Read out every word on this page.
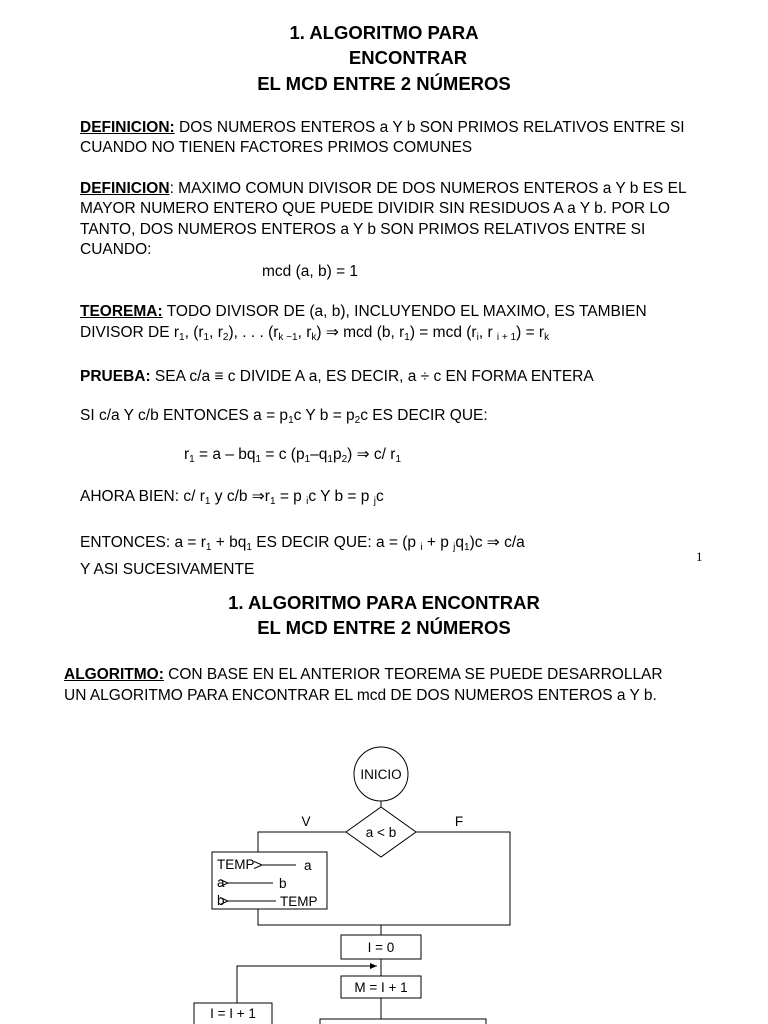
1. ALGORITMO PARA
ENCONTRAR
EL MCD ENTRE 2 NÚMEROS
DEFINICION: DOS NUMEROS ENTEROS a Y b SON PRIMOS RELATIVOS ENTRE SI
CUANDO NO TIENEN FACTORES PRIMOS COMUNES
DEFINICION: MAXIMO COMUN DIVISOR DE DOS NUMEROS ENTEROS a Y b ES EL
MAYOR NUMERO ENTERO QUE PUEDE DIVIDIR SIN RESIDUOS A a Y b. POR LO
TANTO, DOS NUMEROS ENTEROS a Y b SON PRIMOS RELATIVOS ENTRE SI
CUANDO:
mcd (a, b) = 1
TEOREMA: TODO DIVISOR DE (a, b), INCLUYENDO EL MAXIMO, ES TAMBIEN
DIVISOR DE $r_1$, ($r_1$, $r_2$), . . . ($r_{k -1}$, $r_k$) ⇒ mcd (b, $r_1$) = mcd ($r_i$, r $_{i + 1}) = r_k$
PRUEBA: SEA c/a ≡ c DIVIDE A a, ES DECIR, a ÷ c EN FORMA ENTERA
SI c/a Y c/b ENTONCES $a = p_1c$ Y $b = p_2c$ ES DECIR QUE:
$r_1 = a - bq_1 = c$ $(p_1-q_1p_2)$ ⇒ c/ $r_1$
AHORA BIEN: c/ $r_1$ y c/b $\Rightarrow r_1 = p$ $_i$c Y b = p $_j$c
ENTONCES: $a = r_1 + bq_1$ ES DECIR QUE: a = (p $_i$ + p $_jq_1)c$ ⇒ c/a
Y ASI SUCESIVAMENTE
1
1. ALGORITMO PARA ENCONTRAR
EL MCD ENTRE 2 NÚMEROS
ALGORITMO: CON BASE EN EL ANTERIOR TEOREMA SE PUEDE DESARROLLAR
UN ALGORITMO PARA ENCONTRAR EL mcd DE DOS NUMEROS ENTEROS a Y b.
INICIO
a < b
V	F
TEMP	a
a	b
b	TEMP
I = 0
M = I + 1
I = I + 1
